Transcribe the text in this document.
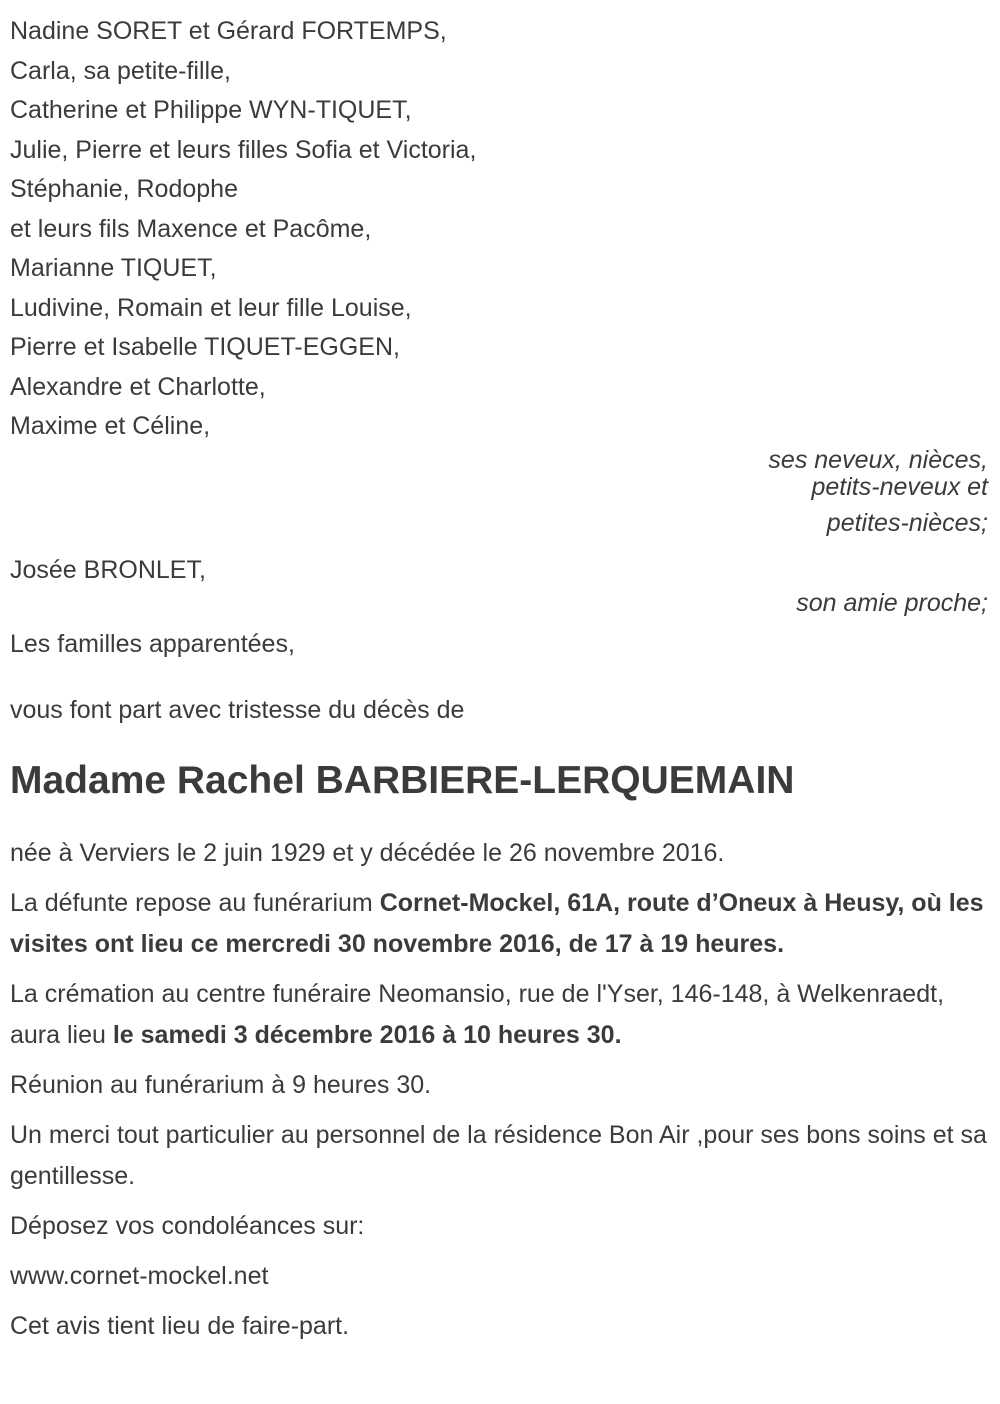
Nadine SORET et Gérard FORTEMPS,
Carla, sa petite-fille,
Catherine et Philippe WYN-TIQUET,
Julie, Pierre et leurs filles Sofia et Victoria,
Stéphanie, Rodophe
et leurs fils Maxence et Pacôme,
Marianne TIQUET,
Ludivine, Romain et leur fille Louise,
Pierre et Isabelle TIQUET-EGGEN,
Alexandre et Charlotte,
Maxime et Céline,
ses neveux, nièces,
petits-neveux et
petites-nièces;
Josée BRONLET,
son amie proche;
Les familles apparentées,
vous font part avec tristesse du décès de
Madame Rachel BARBIERE-LERQUEMAIN

née à Verviers le 2 juin 1929 et y décédée le 26 novembre 2016.

La défunte repose au funérarium Cornet-Mockel, 61A, route d’Oneux à Heusy, où les visites ont lieu ce mercredi 30 novembre 2016, de 17 à 19 heures.

La crémation au centre funéraire Neomansio, rue de l'Yser, 146-148, à Welkenraedt, aura lieu le samedi 3 décembre 2016 à 10 heures 30.

Réunion au funérarium à 9 heures 30.

Un merci tout particulier au personnel de la résidence Bon Air ,pour ses bons soins et sa gentillesse.

Déposez vos condoléances sur:

www.cornet-mockel.net

Cet avis tient lieu de faire-part.
